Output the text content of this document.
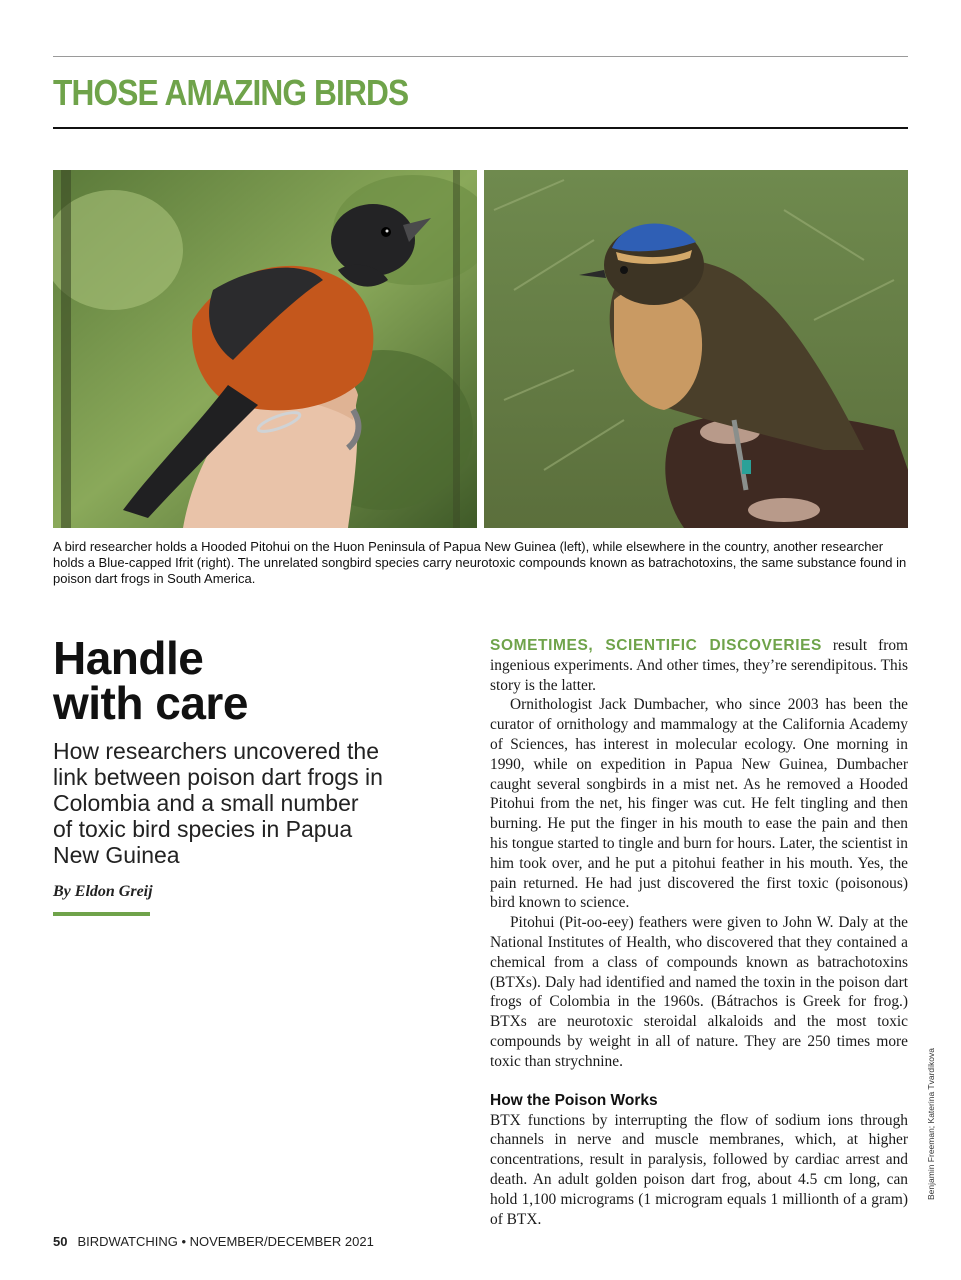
THOSE AMAZING BIRDS
A bird researcher holds a Hooded Pitohui on the Huon Peninsula of Papua New Guinea (left), while elsewhere in the country, another researcher holds a Blue-capped Ifrit (right). The unrelated songbird species carry neurotoxic compounds known as batrachotoxins, the same substance found in poison dart frogs in South America.
Handle
with care
How researchers uncovered the link between poison dart frogs in Colombia and a small number of toxic bird species in Papua New Guinea
By Eldon Greij

SOMETIMES, SCIENTIFIC DISCOVERIES result from ingenious experiments. And other times, they’re serendipitous. This story is the latter.

Ornithologist Jack Dumbacher, who since 2003 has been the curator of ornithology and mammalogy at the California Academy of Sciences, has interest in molecular ecology. One morning in 1990, while on expedition in Papua New Guinea, Dumbacher caught several songbirds in a mist net. As he removed a Hooded Pitohui from the net, his finger was cut. He felt tingling and then burning. He put the finger in his mouth to ease the pain and then his tongue started to tingle and burn for hours. Later, the scientist in him took over, and he put a pitohui feather in his mouth. Yes, the pain returned. He had just discovered the first toxic (poisonous) bird known to science.

Pitohui (Pit-oo-eey) feathers were given to John W. Daly at the National Institutes of Health, who discovered that they contained a chemical from a class of compounds known as batrachotoxins (BTXs). Daly had identified and named the toxin in the poison dart frogs of Colombia in the 1960s. (Bátrachos is Greek for frog.) BTXs are neurotoxic steroidal alkaloids and the most toxic compounds by weight in all of nature. They are 250 times more toxic than strychnine.

How the Poison Works

BTX functions by interrupting the flow of sodium ions through channels in nerve and muscle membranes, which, at higher concentrations, result in paralysis, followed by cardiac arrest and death. An adult golden poison dart frog, about 4.5 cm long, can hold 1,100 micrograms (1 microgram equals 1 millionth of a gram) of BTX.

Benjamin Freeman; Katerina Tvardikova
50 BIRDWATCHING • NOVEMBER/DECEMBER 2021
